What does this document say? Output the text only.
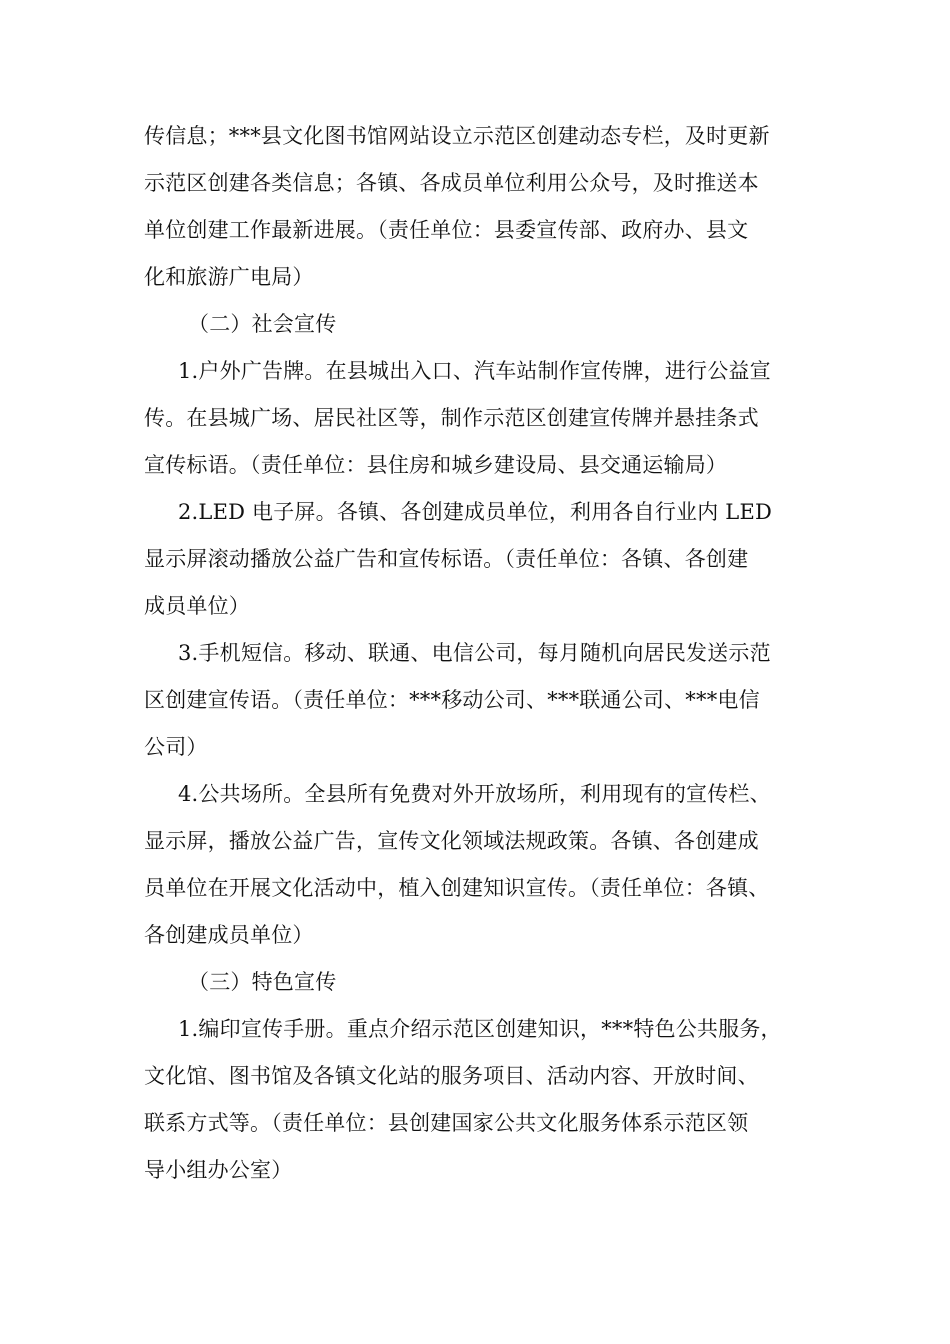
传信息；***县文化图书馆网站设立示范区创建动态专栏，及时更新
示范区创建各类信息；各镇、各成员单位利用公众号，及时推送本
单位创建工作最新进展。（责任单位：县委宣传部、政府办、县文
化和旅游广电局）
（二）社会宣传
1.户外广告牌。在县城出入口、汽车站制作宣传牌，进行公益宣
传。在县城广场、居民社区等，制作示范区创建宣传牌并悬挂条式
宣传标语。（责任单位：县住房和城乡建设局、县交通运输局）
2.LED 电子屏。各镇、各创建成员单位，利用各自行业内 LED
显示屏滚动播放公益广告和宣传标语。（责任单位：各镇、各创建
成员单位）
3.手机短信。移动、联通、电信公司，每月随机向居民发送示范
区创建宣传语。（责任单位：***移动公司、***联通公司、***电信
公司）
4.公共场所。全县所有免费对外开放场所，利用现有的宣传栏、
显示屏，播放公益广告，宣传文化领域法规政策。各镇、各创建成
员单位在开展文化活动中，植入创建知识宣传。（责任单位：各镇、
各创建成员单位）
（三）特色宣传
1.编印宣传手册。重点介绍示范区创建知识，***特色公共服务，
文化馆、图书馆及各镇文化站的服务项目、活动内容、开放时间、
联系方式等。（责任单位：县创建国家公共文化服务体系示范区领
导小组办公室）
